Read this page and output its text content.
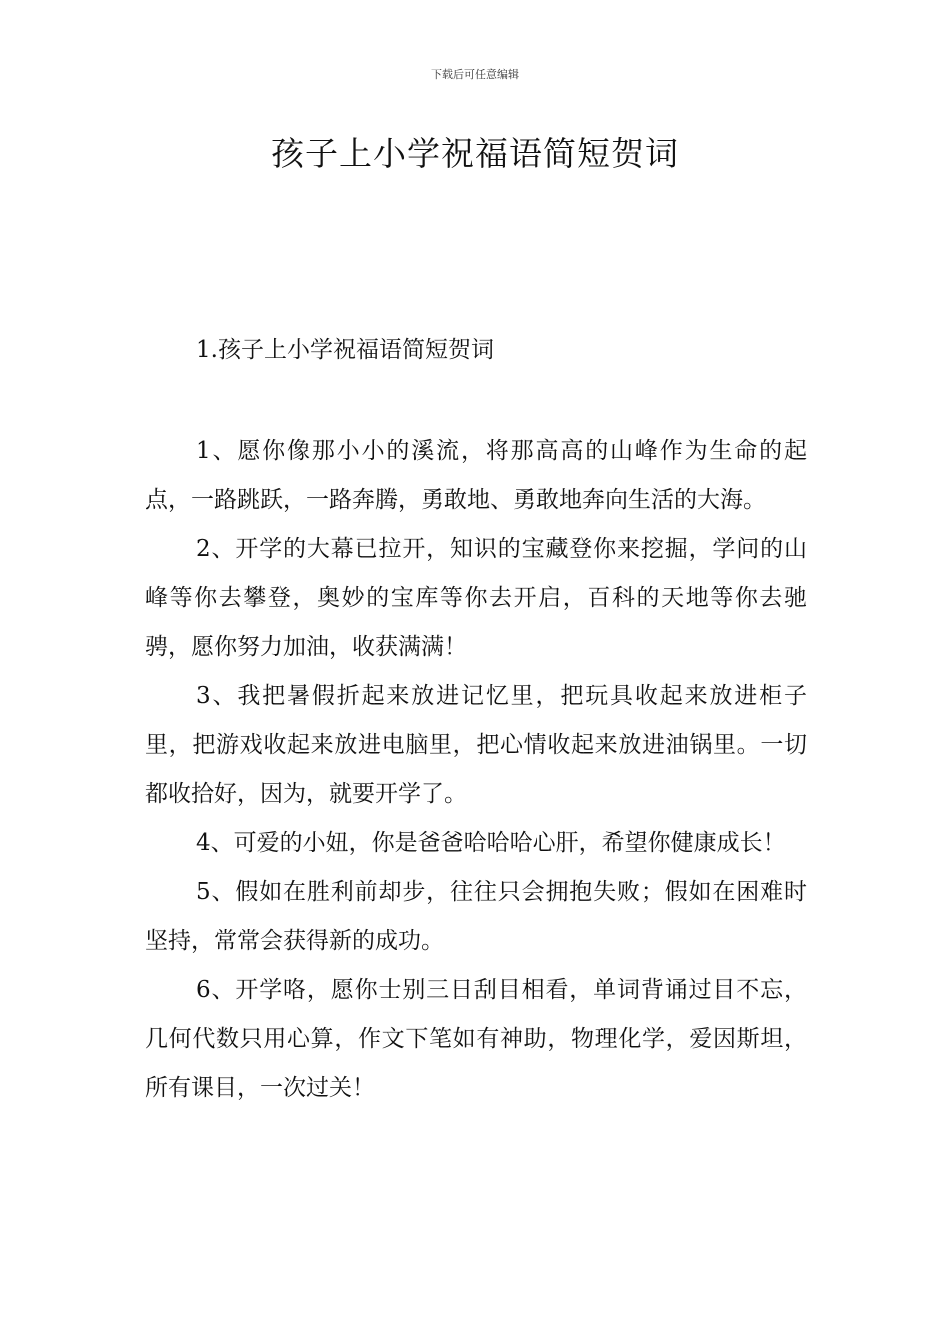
下载后可任意编辑
孩子上小学祝福语简短贺词
1.孩子上小学祝福语简短贺词

1、愿你像那小小的溪流，将那高高的山峰作为生命的起点，一路跳跃，一路奔腾，勇敢地、勇敢地奔向生活的大海。

2、开学的大幕已拉开，知识的宝藏登你来挖掘，学问的山峰等你去攀登，奥妙的宝库等你去开启，百科的天地等你去驰骋，愿你努力加油，收获满满！

3、我把暑假折起来放进记忆里，把玩具收起来放进柜子里，把游戏收起来放进电脑里，把心情收起来放进油锅里。一切都收拾好，因为，就要开学了。

4、可爱的小妞，你是爸爸哈哈哈心肝，希望你健康成长！

5、假如在胜利前却步，往往只会拥抱失败；假如在困难时坚持，常常会获得新的成功。

6、开学咯，愿你士别三日刮目相看，单词背诵过目不忘，几何代数只用心算，作文下笔如有神助，物理化学，爱因斯坦，所有课目，一次过关！
